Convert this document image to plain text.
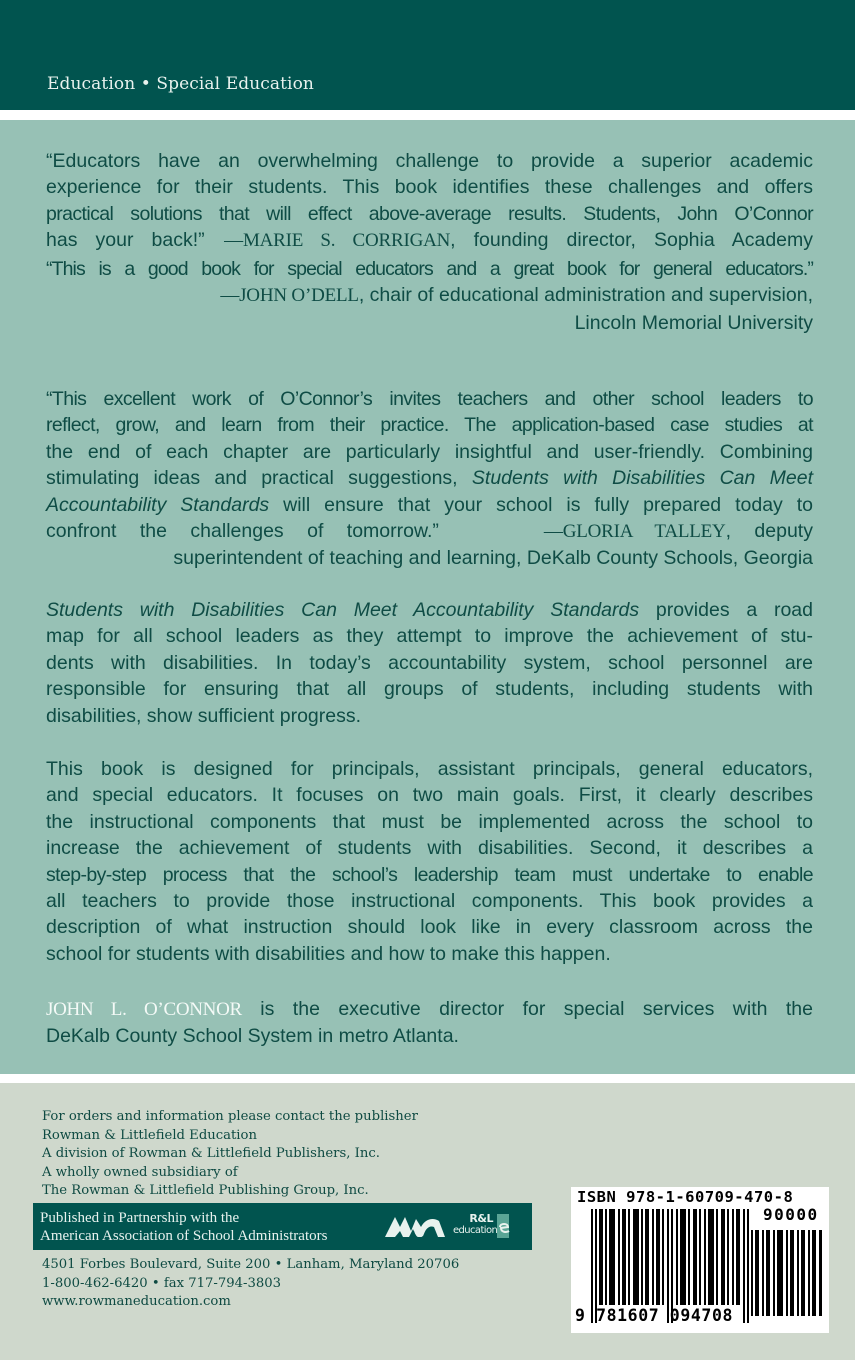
Education • Special Education
“Educators have an overwhelming challenge to provide a superior academic
experience for their students. This book identifies these challenges and offers
practical solutions that will effect above-average results. Students, John O’Connor
has your back!”  —MARIE S. CORRIGAN, founding director, Sophia Academy
“This is a good book for special educators and a great book for general educators.”
—JOHN O’DELL, chair of educational administration and supervision,
Lincoln Memorial University
“This excellent work of O’Connor’s invites teachers and other school leaders to
reflect, grow, and learn from their practice. The application-based case studies at
the end of each chapter are particularly insightful and user-friendly. Combining
stimulating ideas and practical suggestions, Students with Disabilities Can Meet
Accountability Standards will ensure that your school is fully prepared today to
confront the challenges of tomorrow.”	—GLORIA TALLEY, deputy
superintendent of teaching and learning, DeKalb County Schools, Georgia
Students with Disabilities Can Meet Accountability Standards provides a road
map for all school leaders as they attempt to improve the achievement of stu-
dents with disabilities. In today’s accountability system, school personnel are
responsible for ensuring that all groups of students, including students with
disabilities, show sufficient progress.
This book is designed for principals, assistant principals, general educators,
and special educators. It focuses on two main goals. First, it clearly describes
the instructional components that must be implemented across the school to
increase the achievement of students with disabilities. Second, it describes a
step-by-step process that the school’s leadership team must undertake to enable
all teachers to provide those instructional components. This book provides a
description of what instruction should look like in every classroom across the
school for students with disabilities and how to make this happen.
JOHN L. O’CONNOR is the executive director for special services with the
DeKalb County School System in metro Atlanta.
For orders and information please contact the publisher
Rowman & Littlefield Education
A division of Rowman & Littlefield Publishers, Inc.
A wholly owned subsidiary of
The Rowman & Littlefield Publishing Group, Inc.
Published in Partnership with the
American Association of School Administrators
R&L
education
4501 Forbes Boulevard, Suite 200 • Lanham, Maryland 20706
1-800-462-6420 • fax 717-794-3803
www.rowmaneducation.com
ISBN 978-1-60709-470-8
90000
9 781607 094708
